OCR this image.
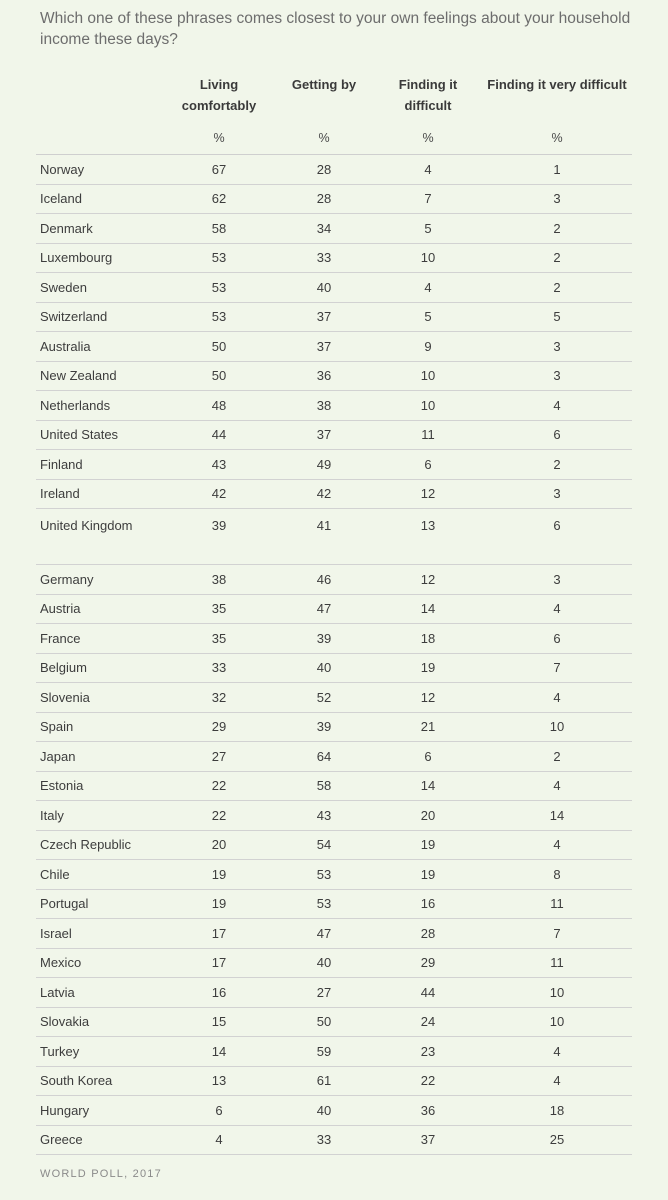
Which one of these phrases comes closest to your own feelings about your household income these days?
	Living comfortably	Getting by	Finding it difficult	Finding it very difficult
	%	%	%	%
Norway	67	28	4	1
Iceland	62	28	7	3
Denmark	58	34	5	2
Luxembourg	53	33	10	2
Sweden	53	40	4	2
Switzerland	53	37	5	5
Australia	50	37	9	3
New Zealand	50	36	10	3
Netherlands	48	38	10	4
United States	44	37	11	6
Finland	43	49	6	2
Ireland	42	42	12	3
United Kingdom	39	41	13	6
Germany	38	46	12	3
Austria	35	47	14	4
France	35	39	18	6
Belgium	33	40	19	7
Slovenia	32	52	12	4
Spain	29	39	21	10
Japan	27	64	6	2
Estonia	22	58	14	4
Italy	22	43	20	14
Czech Republic	20	54	19	4
Chile	19	53	19	8
Portugal	19	53	16	11
Israel	17	47	28	7
Mexico	17	40	29	11
Latvia	16	27	44	10
Slovakia	15	50	24	10
Turkey	14	59	23	4
South Korea	13	61	22	4
Hungary	6	40	36	18
Greece	4	33	37	25
WORLD POLL, 2017
